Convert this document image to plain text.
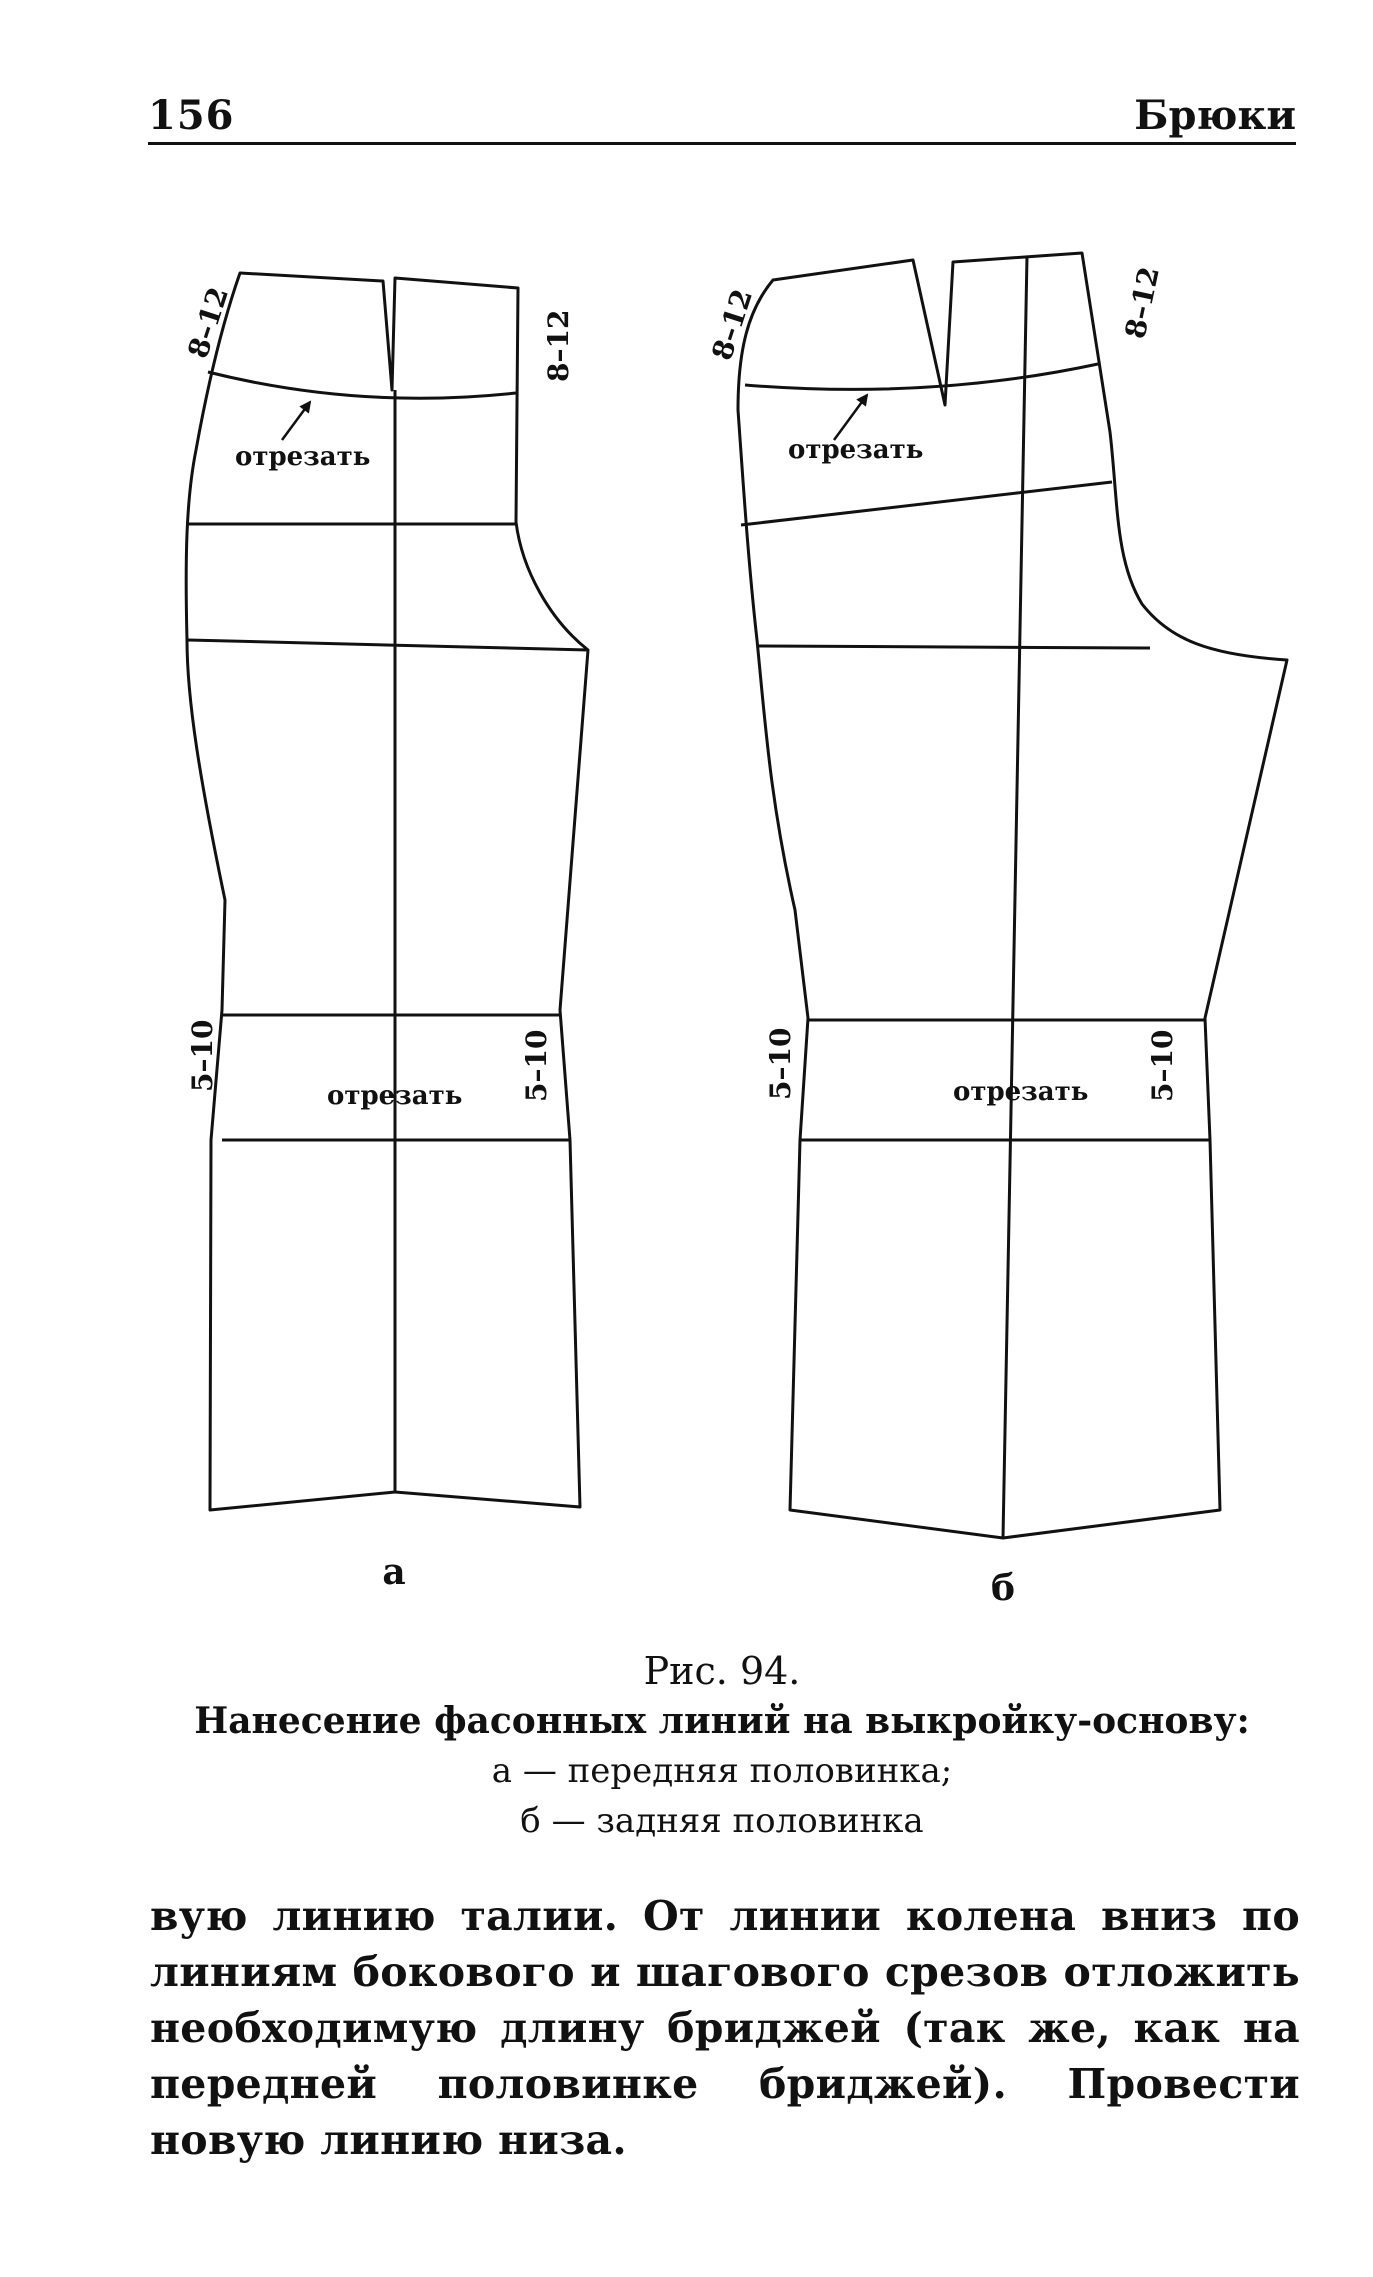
156	Брюки
отрезать
отрезать
8–12	8–12
5–10	5–10
а
отрезать
отрезать
8–12	8–12
5–10	5–10
б
Рис. 94.
Нанесение фасонных линий на выкройку-основу:
а — передняя половинка;
б — задняя половинка
вую линию талии. От линии колена вниз по линиям бокового и шагового срезов отложить необходимую длину бриджей (так же, как на передней половинке бриджей). Провести новую линию низа.
